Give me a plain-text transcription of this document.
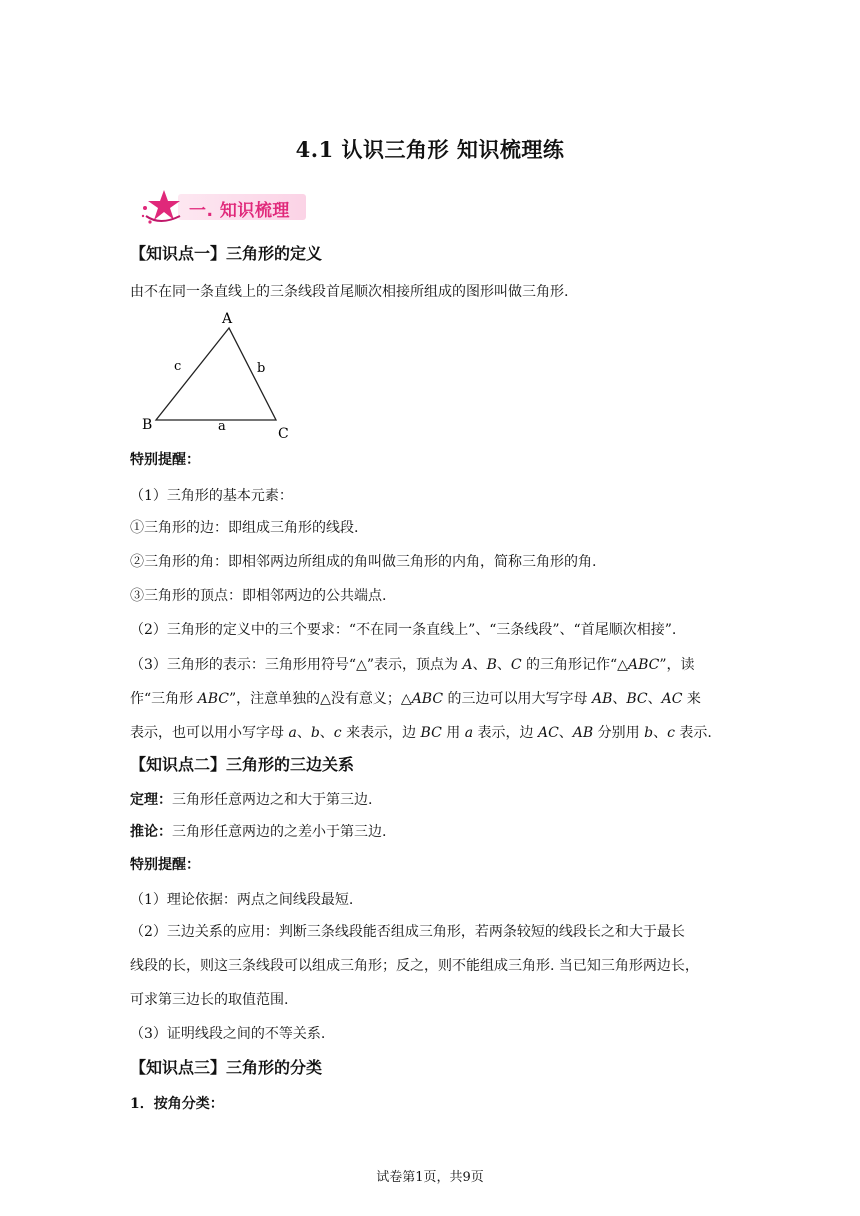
4.1 认识三角形 知识梳理练
一. 知识梳理
【知识点一】三角形的定义
由不在同一条直线上的三条线段首尾顺次相接所组成的图形叫做三角形.
A
B
C
a
b
c
特别提醒：
（1）三角形的基本元素：
①三角形的边：即组成三角形的线段.
②三角形的角：即相邻两边所组成的角叫做三角形的内角，简称三角形的角.
③三角形的顶点：即相邻两边的公共端点.
（2）三角形的定义中的三个要求：“不在同一条直线上”、“三条线段”、“首尾顺次相接”.
（3）三角形的表示：三角形用符号“△”表示，顶点为 A、B、C 的三角形记作“△ABC”，读
作“三角形 ABC”，注意单独的△没有意义；△ABC 的三边可以用大写字母 AB、BC、AC 来
表示，也可以用小写字母 a、b、c 来表示，边 BC 用 a 表示，边 AC、AB 分别用 b、c 表示.
【知识点二】三角形的三边关系
定理：三角形任意两边之和大于第三边.
推论：三角形任意两边的之差小于第三边.
特别提醒：
（1）理论依据：两点之间线段最短.
（2）三边关系的应用：判断三条线段能否组成三角形，若两条较短的线段长之和大于最长
线段的长，则这三条线段可以组成三角形；反之，则不能组成三角形. 当已知三角形两边长，
可求第三边长的取值范围.
（3）证明线段之间的不等关系.
【知识点三】三角形的分类
1．按角分类：
试卷第1页，共9页
